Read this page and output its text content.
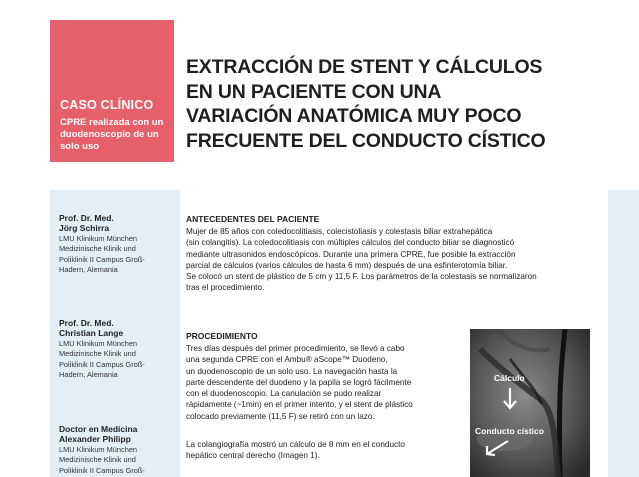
CASO CLÍNICO
CPRE realizada con un duodenoscopio de un solo uso
EXTRACCIÓN DE STENT Y CÁLCULOS
EN UN PACIENTE CON UNA
VARIACIÓN ANATÓMICA MUY POCO
FRECUENTE DEL CONDUCTO CÍSTICO
Prof. Dr. Med.
Jörg Schirra
LMU Klinikum München
Medizinische Klinik und
Poliklinik II Campus Groß-
Hadern, Alemania
Prof. Dr. Med.
Christian Lange
LMU Klinikum München
Medizinische Klinik und
Poliklinik II Campus Groß-
Hadern, Alemania
Doctor en Medicina
Alexander Philipp
LMU Klinikum München
Medizinische Klinik und
Poliklinik II Campus Groß-
ANTECEDENTES DEL PACIENTE
Mujer de 85 años con coledocolitiasis, colecistoliasis y colestasis biliar extrahepática
(sin colangitis). La coledocolitiasis con múltiples cálculos del conducto biliar se diagnosticó
mediante ultrasonidos endoscópicos. Durante una primera CPRE, fue posible la extracción
parcial de cálculos (varios cálculos de hasta 6 mm) después de una esfinterotomía biliar.
Se colocó un stent de plástico de 5 cm y 11,5 F. Los parámetros de la colestasis se normalizaron
tras el procedimiento.
PROCEDIMIENTO
Tres días después del primer procedimiento, se llevó a cabo
una segunda CPRE con el Ambu® aScope™ Duodeno,
un duodenoscopio de un solo uso. La navegación hasta la
parte descendente del duodeno y la papila se logró fácilmente
con el duodenoscopio. La canulación se pudo realizar
rápidamente (~1min) en el primer intento, y el stent de plástico
colocado previamente (11,5 F) se retiró con un lazo.
La colangiografía mostró un cálculo de 8 mm en el conducto
hepático central derecho (Imagen 1).
Cálculo
Conducto cístico
